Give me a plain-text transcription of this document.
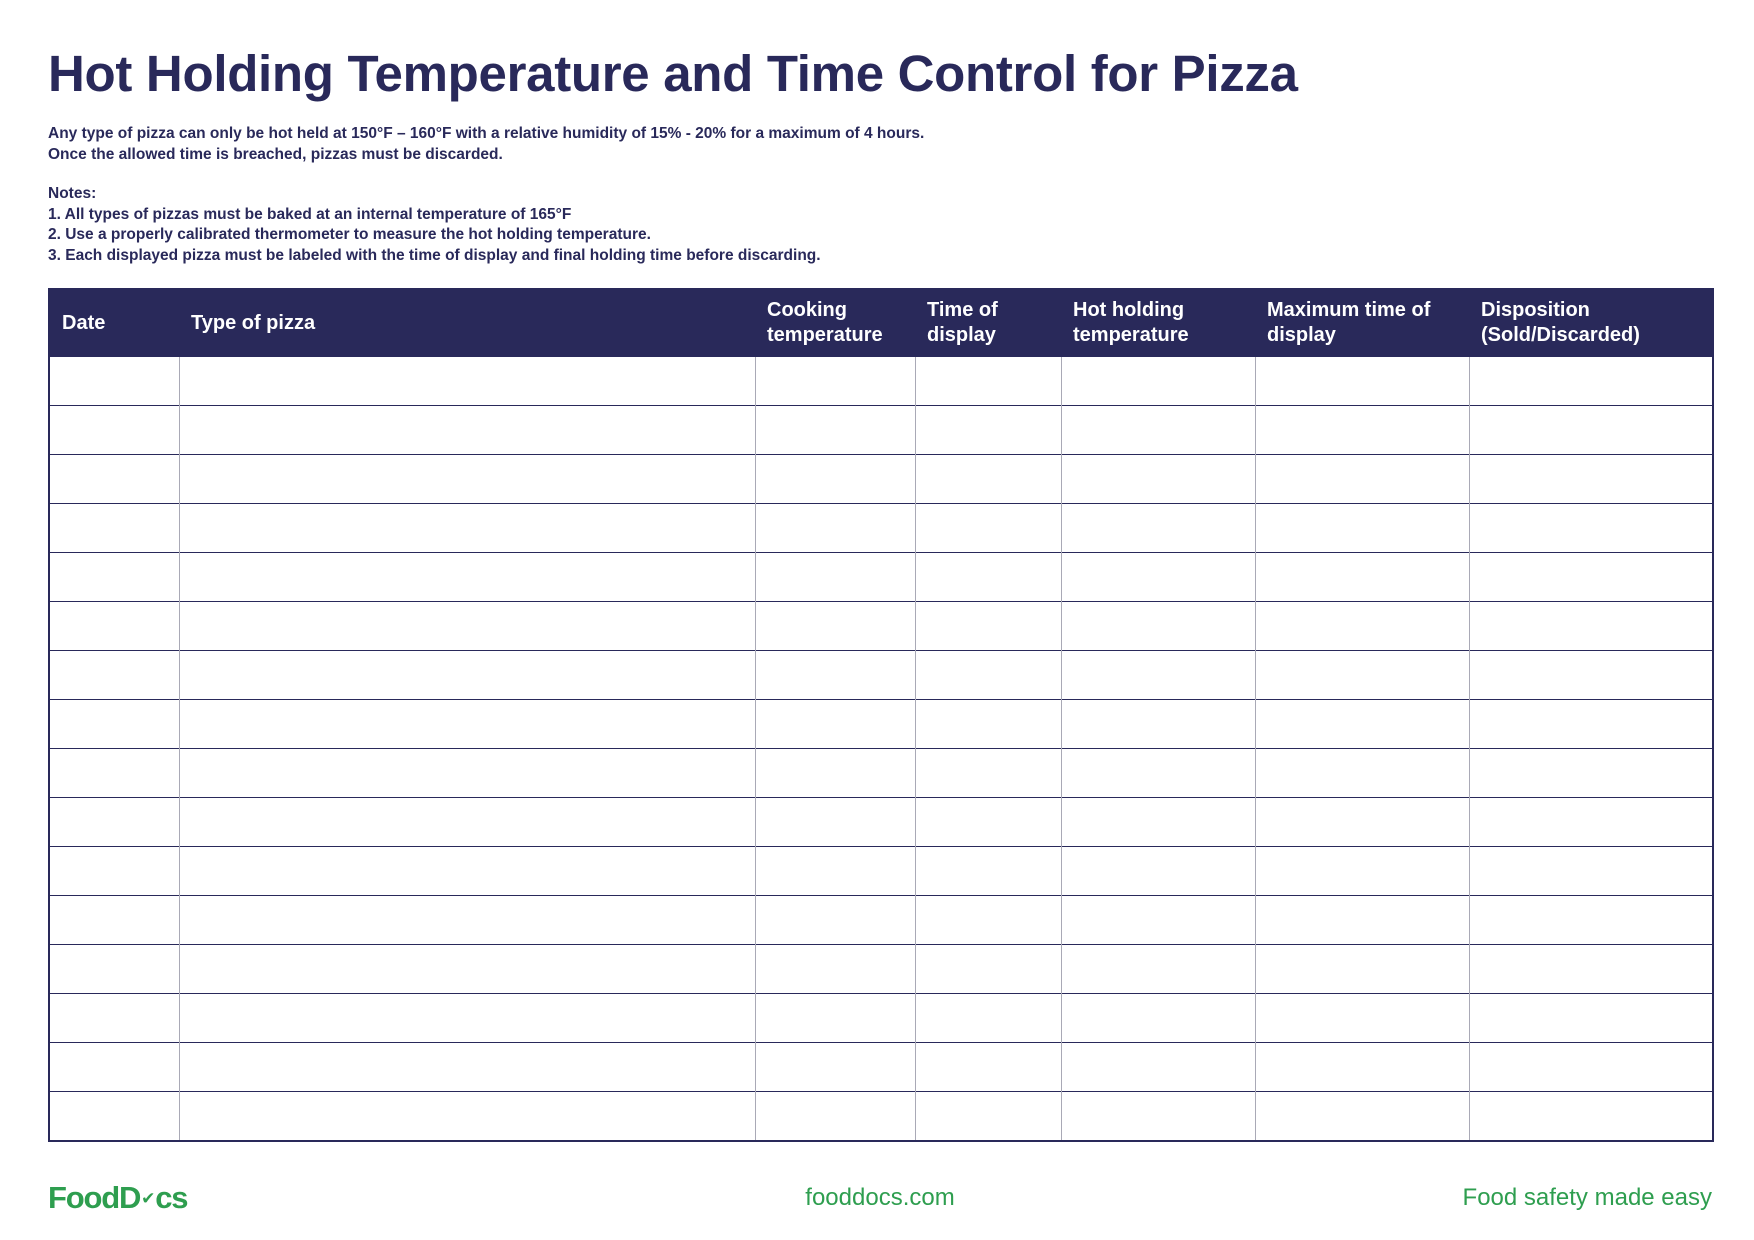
Hot Holding Temperature and Time Control for Pizza
Any type of pizza can only be hot held at 150°F – 160°F with a relative humidity of 15% - 20% for a maximum of 4 hours.
Once the allowed time is breached, pizzas must be discarded.
Notes:
1. All types of pizzas must be baked at an internal temperature of 165°F
2. Use a properly calibrated thermometer to measure the hot holding temperature.
3. Each displayed pizza must be labeled with the time of display and final holding time before discarding.
Date	Type of pizza	Cooking temperature	Time of display	Hot holding temperature	Maximum time of display	Disposition (Sold/Discarded)

FoodD✔cs	fooddocs.com	Food safety made easy
